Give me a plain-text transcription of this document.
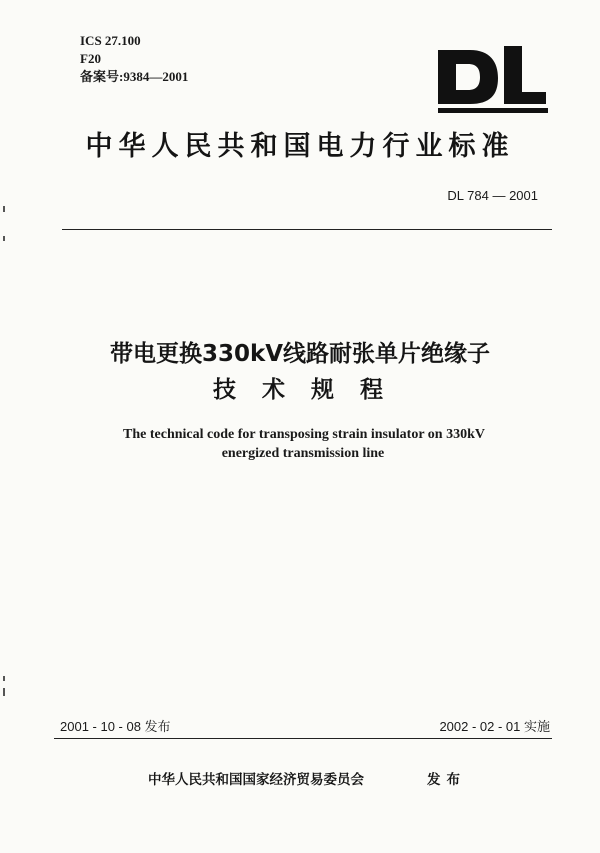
ICS 27.100
F20
备案号:9384—2001
中华人民共和国电力行业标准
DL 784 — 2001
带电更换330kV线路耐张单片绝缘子
技术规程
The technical code for transposing strain insulator on 330kV
energized transmission line
2001 - 10 - 08 发布	2002 - 02 - 01 实施
中华人民共和国国家经济贸易委员会	发布
